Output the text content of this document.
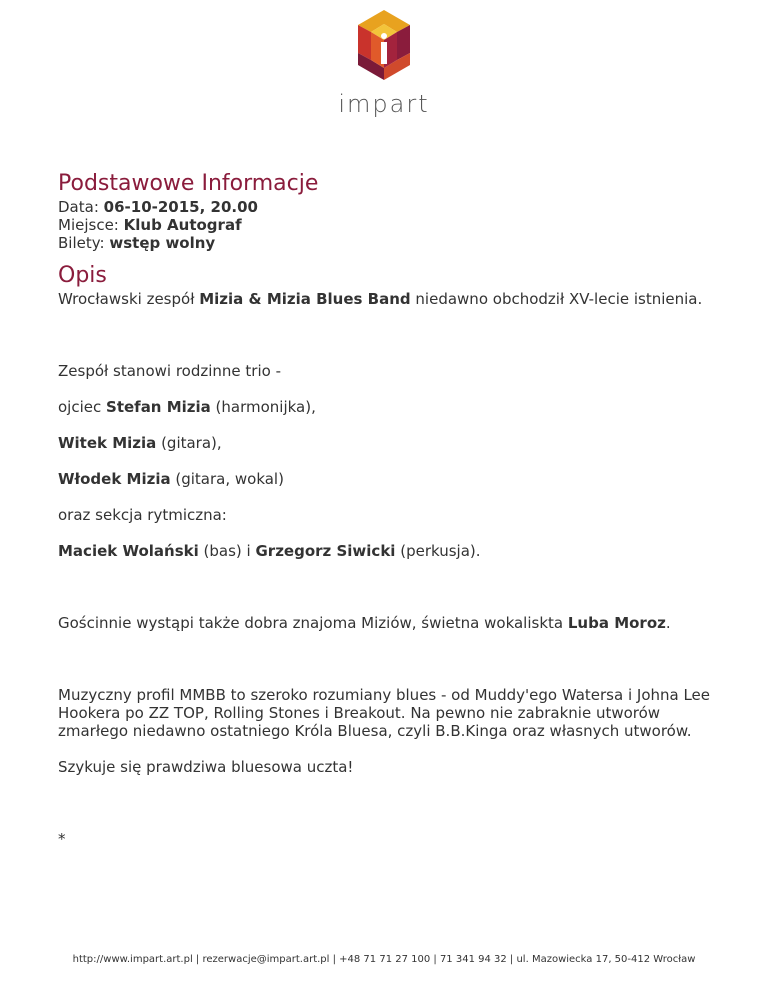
impart
Podstawowe Informacje

Data: 06-10-2015, 20.00

Miejsce: Klub Autograf

Bilety: wstęp wolny

Opis

Wrocławski zespół Mizia & Mizia Blues Band niedawno obchodził XV-lecie istnienia.

Zespół stanowi rodzinne trio -

ojciec Stefan Mizia (harmonijka),

Witek Mizia (gitara),

Włodek Mizia (gitara, wokal)

oraz sekcja rytmiczna:

Maciek Wolański (bas) i Grzegorz Siwicki (perkusja).

Gościnnie wystąpi także dobra znajoma Miziów, świetna wokaliskta Luba Moroz.

Muzyczny profil MMBB to szeroko rozumiany blues - od Muddy'ego Watersa i Johna Lee Hookera po ZZ TOP, Rolling Stones i Breakout. Na pewno nie zabraknie utworów zmarłego niedawno ostatniego Króla Bluesa, czyli B.B.Kinga oraz własnych utworów.

Szykuje się prawdziwa bluesowa uczta!

*

http://www.impart.art.pl | rezerwacje@impart.art.pl | +48 71 71 27 100 | 71 341 94 32 | ul. Mazowiecka 17, 50-412 Wrocław
